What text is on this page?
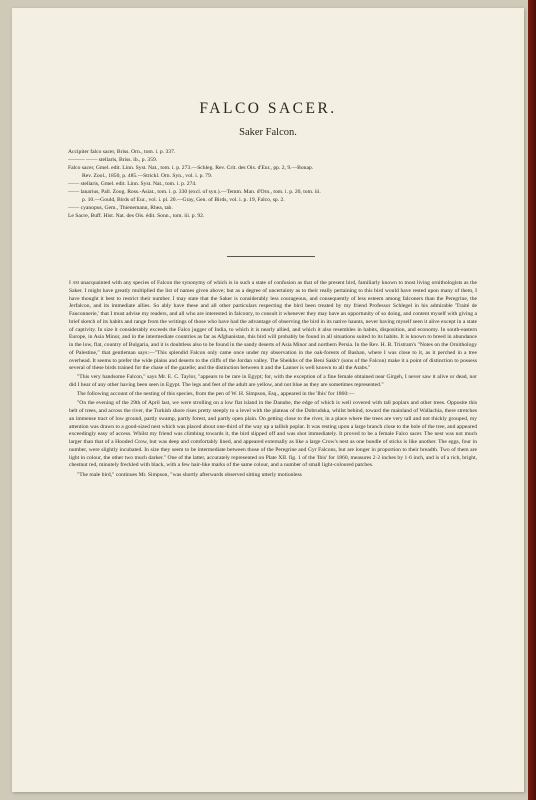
FALCO SACER.
Saker Falcon.
Accipiter falco sacer, Briss. Orn., tom. i. p. 337.
——— —— stellaris, Briss. ib., p. 359.
Falco sacer, Gmel. edit. Linn. Syst. Nat., tom. i. p. 273.—Schleg. Rev. Crit. des Ois. d'Eur., pp. 2, 9.—Bonap.
Rev. Zool., 1850, p. 485.—Strickl. Orn. Syn., vol. i. p. 79.
—— stellaris, Gmel. edit. Linn. Syst. Nat., tom. i. p. 274.
—— lanarius, Pall. Zoog. Ross.-Asiat., tom. i. p. 330 (excl. of syn.).—Temm. Man. d'Orn., tom. i. p. 20, tom. iii.
p. 10.—Gould, Birds of Eur., vol. i. pl. 20.—Gray, Gen. of Birds, vol. i. p. 19, Falco, sp. 2.
—— cyanopus, Gem., Thienemann, Rhea, tab.
Le Sacre, Buff. Hist. Nat. des Ois. édit. Sonn., tom. iii. p. 92.

I am unacquainted with any species of Falcon the synonymy of which is in such a state of confusion as that of the present bird, familiarly known to most living ornithologists as the Saker. I might have greatly multiplied the list of names given above; but as a degree of uncertainty as to their really pertaining to this bird would have rested upon many of them, I have thought it best to restrict their number. I may state that the Saker is considerably less courageous, and consequently of less esteem among falconers than the Peregrine, the Jerfalcon, and its immediate allies. So ably have these and all other particulars respecting the bird been treated by my friend Professor Schlegel in his admirable 'Traité de Fauconnerie,' that I must advise my readers, and all who are interested in falconry, to consult it whenever they may have an opportunity of so doing, and content myself with giving a brief sketch of its habits and range from the writings of those who have had the advantage of observing the bird in its native haunts, never having myself seen it alive except in a state of captivity. In size it considerably exceeds the Falco jugger of India, to which it is nearly allied, and which it also resembles in habits, disposition, and economy. In south-eastern Europe, in Asia Minor, and in the intermediate countries as far as Afghanistan, this bird will probably be found in all situations suited to its habits. It is known to breed in abundance in the low, flat, country of Bulgaria, and it is doubtless also to be found in the sandy deserts of Asia Minor and northern Persia. In the Rev. H. B. Tristram's "Notes on the Ornithology of Palestine," that gentleman says:—"This splendid Falcon only came once under my observation in the oak-forests of Bashan, where I was close to it, as it perched in a tree overhead. It seems to prefer the wide plains and deserts to the cliffs of the Jordan valley. The Sheikhs of the Beni Sakk'r (sons of the Falcon) make it a point of distinction to possess several of these birds trained for the chase of the gazelle; and the distinction between it and the Lanner is well known to all the Arabs."

"This very handsome Falcon," says Mr. E. C. Taylor, "appears to be rare in Egypt; for, with the exception of a fine female obtained near Girgeh, I never saw it alive or dead, nor did I hear of any other having been seen in Egypt. The legs and feet of the adult are yellow, and not blue as they are sometimes represented."

The following account of the nesting of this species, from the pen of W. H. Simpson, Esq., appeared in the 'Ibis' for 1860:—

"On the evening of the 29th of April last, we were strolling on a low flat island in the Danube, the edge of which is well covered with tall poplars and other trees. Opposite this belt of trees, and across the river, the Turkish shore rises pretty steeply to a level with the plateau of the Dobrudska, whilst behind, toward the mainland of Wallachia, there stretches an immense tract of low ground, partly swamp, partly forest, and partly open plain. On getting close to the river, in a place where the trees are very tall and not thickly grouped, my attention was drawn to a good-sized nest which was placed about one-third of the way up a tallish poplar. It was resting upon a large branch close to the bole of the tree, and appeared exceedingly easy of access. Whilst my friend was climbing towards it, the bird slipped off and was shot immediately. It proved to be a female Falco sacer. The nest was not much larger than that of a Hooded Crow, but was deep and comfortably lined, and appeared externally as like a large Crow's nest as one bundle of sticks is like another. The eggs, four in number, were slightly incubated. In size they seem to be intermediate between those of the Peregrine and Gyr Falcons, but are longer in proportion to their breadth. Two of them are light in colour, the other two much darker." One of the latter, accurately represented on Plate XII. fig. 1 of the 'Ibis' for 1860, measures 2·2 inches by 1·6 inch, and is of a rich, bright, chestnut red, minutely freckled with black, with a few hair-like marks of the same colour, and a number of small light-coloured patches.

"The male bird," continues Mr. Simpson, "was shortly afterwards observed sitting utterly motionless
